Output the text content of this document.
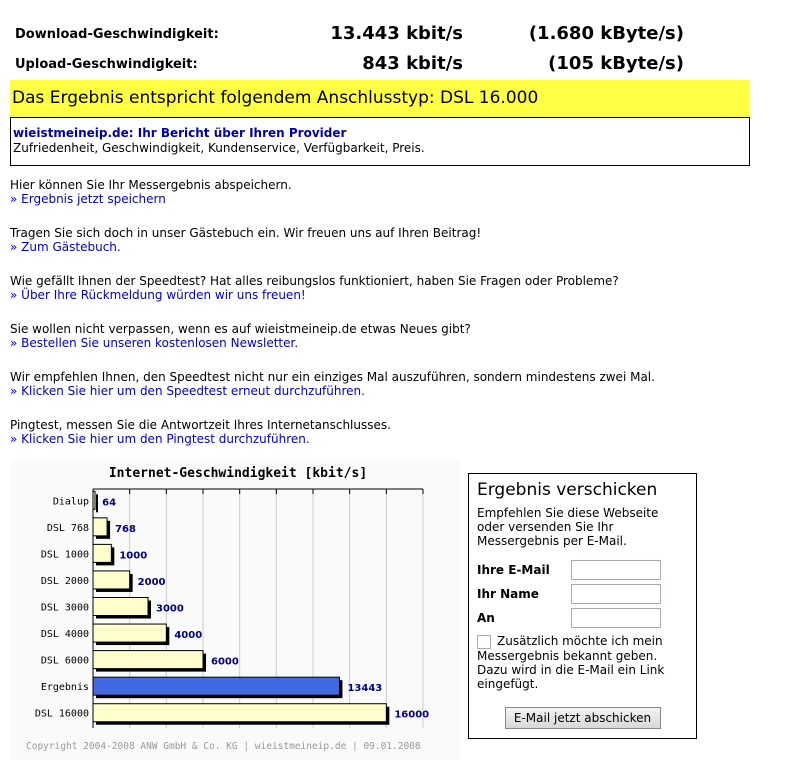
Download-Geschwindigkeit:	13.443 kbit/s	(1.680 kByte/s)
Upload-Geschwindigkeit:	843 kbit/s	(105 kByte/s)
Das Ergebnis entspricht folgendem Anschlusstyp: DSL 16.000
wieistmeineip.de: Ihr Bericht über Ihren Provider
Zufriedenheit, Geschwindigkeit, Kundenservice, Verfügbarkeit, Preis.
Hier können Sie Ihr Messergebnis abspeichern.
» Ergebnis jetzt speichern
Tragen Sie sich doch in unser Gästebuch ein. Wir freuen uns auf Ihren Beitrag!
» Zum Gästebuch.
Wie gefällt Ihnen der Speedtest? Hat alles reibungslos funktioniert, haben Sie Fragen oder Probleme?
» Über Ihre Rückmeldung würden wir uns freuen!
Sie wollen nicht verpassen, wenn es auf wieistmeineip.de etwas Neues gibt?
» Bestellen Sie unseren kostenlosen Newsletter.
Wir empfehlen Ihnen, den Speedtest nicht nur ein einziges Mal auszuführen, sondern mindestens zwei Mal.
» Klicken Sie hier um den Speedtest erneut durchzuführen.
Pingtest, messen Sie die Antwortzeit Ihres Internetanschlusses.
» Klicken Sie hier um den Pingtest durchzuführen.
Internet-Geschwindigkeit [kbit/s]
Dialup 64
DSL 768	768
DSL 1000	1000
DSL 2000	2000
DSL 3000	3000
DSL 4000	4000
DSL 6000	6000
Ergebnis	13443
DSL 16000	16000
Copyright 2004-2008 ANW GmbH & Co. KG | wieistmeineip.de | 09.01.2008
Ergebnis verschicken
Empfehlen Sie diese Webseite oder versenden Sie Ihr Messergebnis per E-Mail.
Ihre E-Mail
Ihr Name
An
Zusätzlich möchte ich mein Messergebnis bekannt geben. Dazu wird in die E-Mail ein Link eingefügt.
E-Mail jetzt abschicken
